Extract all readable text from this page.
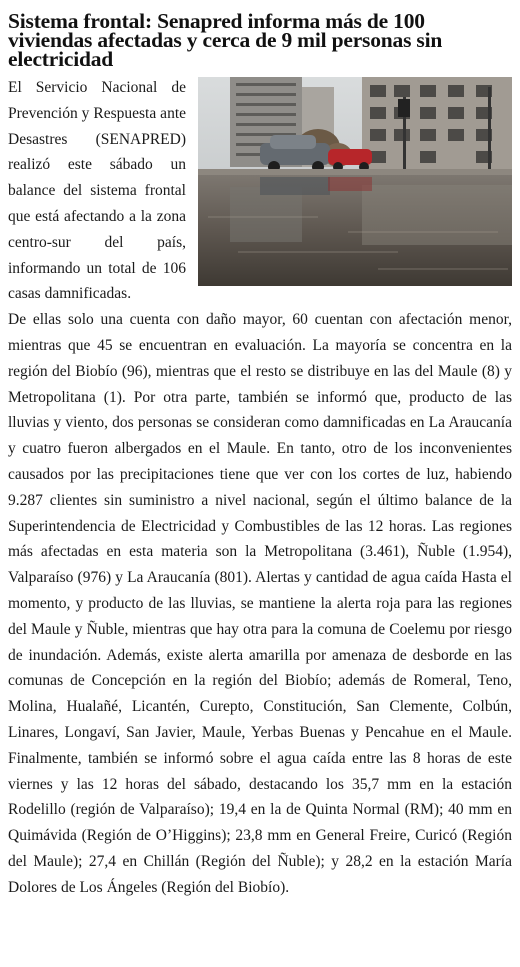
Sistema frontal: Senapred informa más de 100 viviendas afectadas y cerca de 9 mil personas sin electricidad

El Servicio Nacional de Prevención y Respuesta ante Desastres (SENAPRED) realizó este sábado un balance del sistema frontal que está afectando a la zona centro-sur del país, informando un total de 106 casas damnificadas.

De ellas solo una cuenta con daño mayor, 60 cuentan con afectación menor, mientras que 45 se encuentran en evaluación. La mayoría se concentra en la región del Biobío (96), mientras que el resto se distribuye en las del Maule (8) y Metropolitana (1). Por otra parte, también se informó que, producto de las lluvias y viento, dos personas se consideran como damnificadas en La Araucanía y cuatro fueron albergados en el Maule. En tanto, otro de los inconvenientes causados por las precipitaciones tiene que ver con los cortes de luz, habiendo 9.287 clientes sin suministro a nivel nacional, según el último balance de la Superintendencia de Electricidad y Combustibles de las 12 horas. Las regiones más afectadas en esta materia son la Metropolitana (3.461), Ñuble (1.954), Valparaíso (976) y La Araucanía (801). Alertas y cantidad de agua caída Hasta el momento, y producto de las lluvias, se mantiene la alerta roja para las regiones del Maule y Ñuble, mientras que hay otra para la comuna de Coelemu por riesgo de inundación. Además, existe alerta amarilla por amenaza de desborde en las comunas de Concepción en la región del Biobío; además de Romeral, Teno, Molina, Hualañé, Licantén, Curepto, Constitución, San Clemente, Colbún, Linares, Longaví, San Javier, Maule, Yerbas Buenas y Pencahue en el Maule. Finalmente, también se informó sobre el agua caída entre las 8 horas de este viernes y las 12 horas del sábado, destacando los 35,7 mm en la estación Rodelillo (región de Valparaíso); 19,4 en la de Quinta Normal (RM); 40 mm en Quimávida (Región de O’Higgins); 23,8 mm en General Freire, Curicó (Región del Maule); 27,4 en Chillán (Región del Ñuble); y 28,2 en la estación María Dolores de Los Ángeles (Región del Biobío).
